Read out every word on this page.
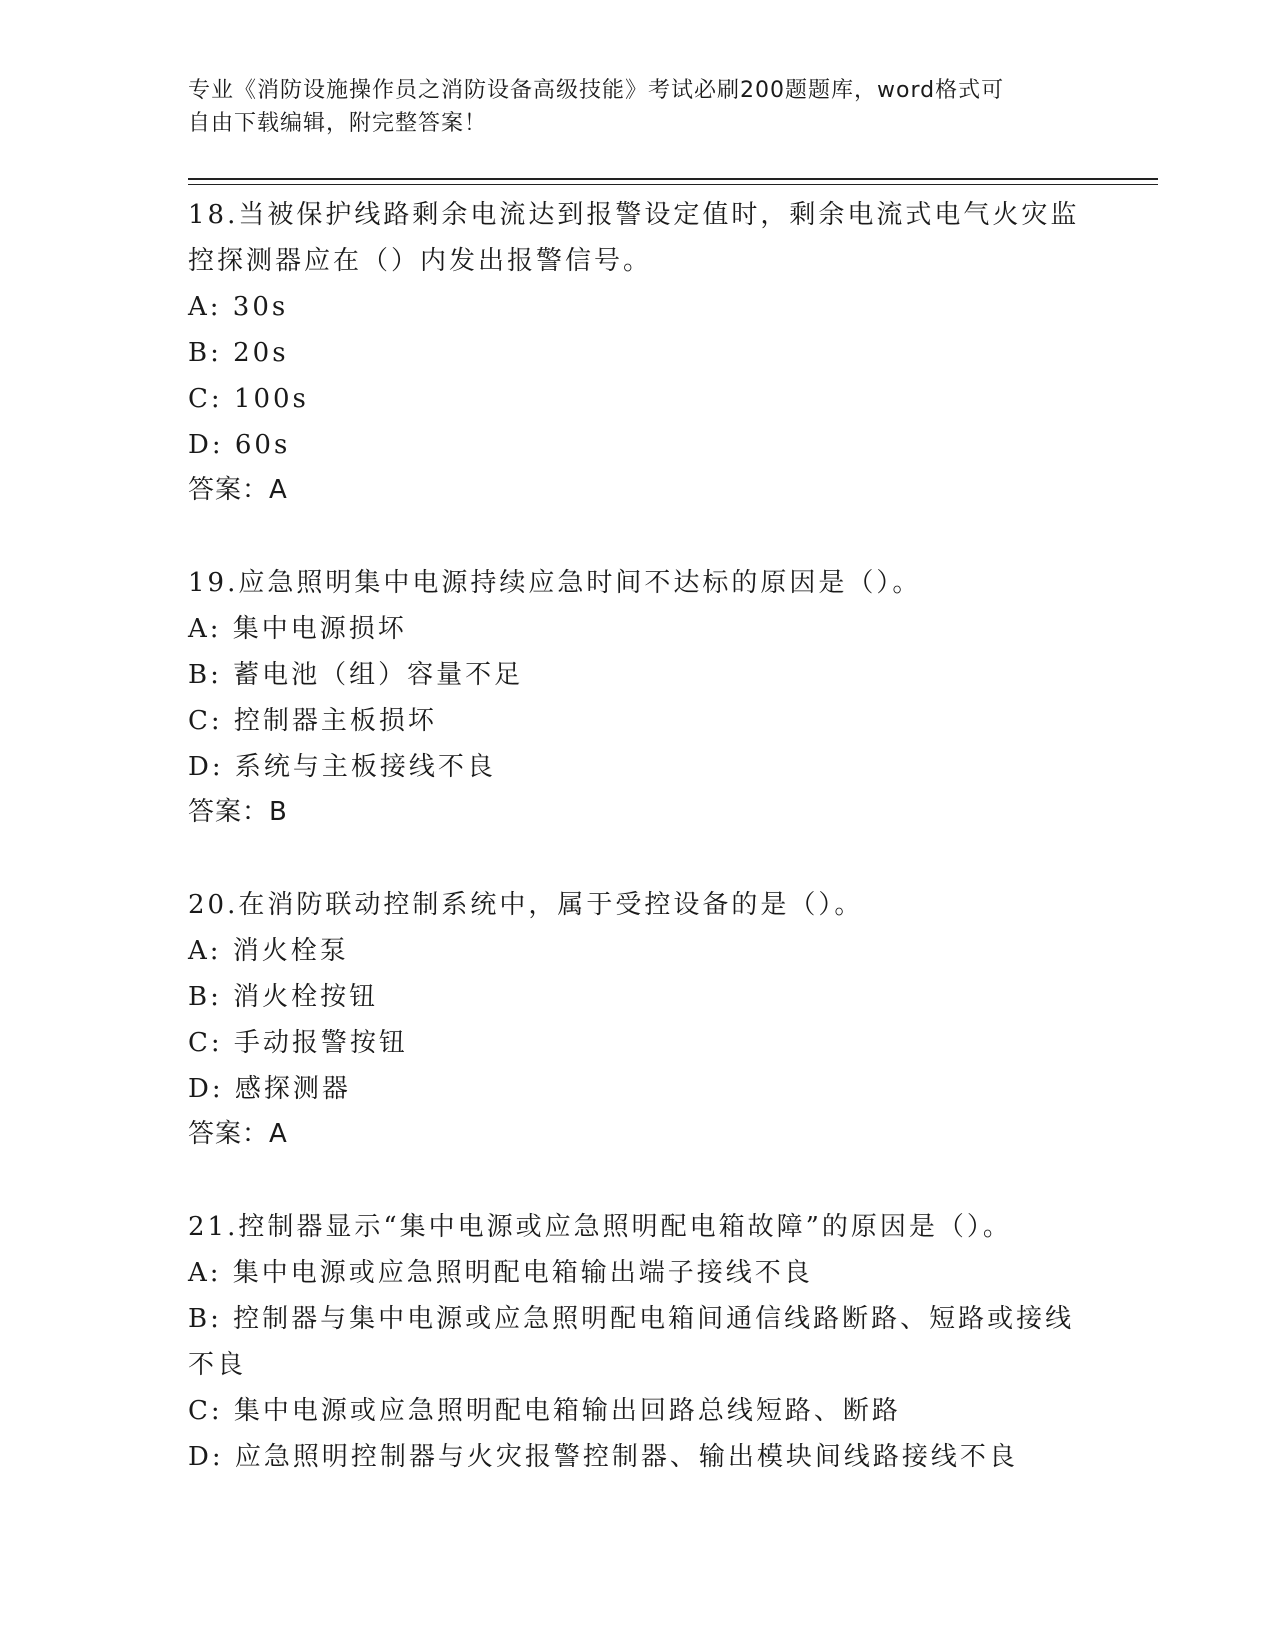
专业《消防设施操作员之消防设备高级技能》考试必刷200题题库，word格式可
自由下载编辑，附完整答案！

18.当被保护线路剩余电流达到报警设定值时，剩余电流式电气火灾监

控探测器应在（）内发出报警信号。

A: 30s

B: 20s

C: 100s

D: 60s

答案：A

19.应急照明集中电源持续应急时间不达标的原因是（）。

A: 集中电源损坏

B: 蓄电池（组）容量不足

C: 控制器主板损坏

D: 系统与主板接线不良

答案：B

20.在消防联动控制系统中，属于受控设备的是（）。

A: 消火栓泵

B: 消火栓按钮

C: 手动报警按钮

D: 感探测器

答案：A

21.控制器显示“集中电源或应急照明配电箱故障”的原因是（）。

A: 集中电源或应急照明配电箱输出端子接线不良

B: 控制器与集中电源或应急照明配电箱间通信线路断路、短路或接线

不良

C: 集中电源或应急照明配电箱输出回路总线短路、断路

D: 应急照明控制器与火灾报警控制器、输出模块间线路接线不良
